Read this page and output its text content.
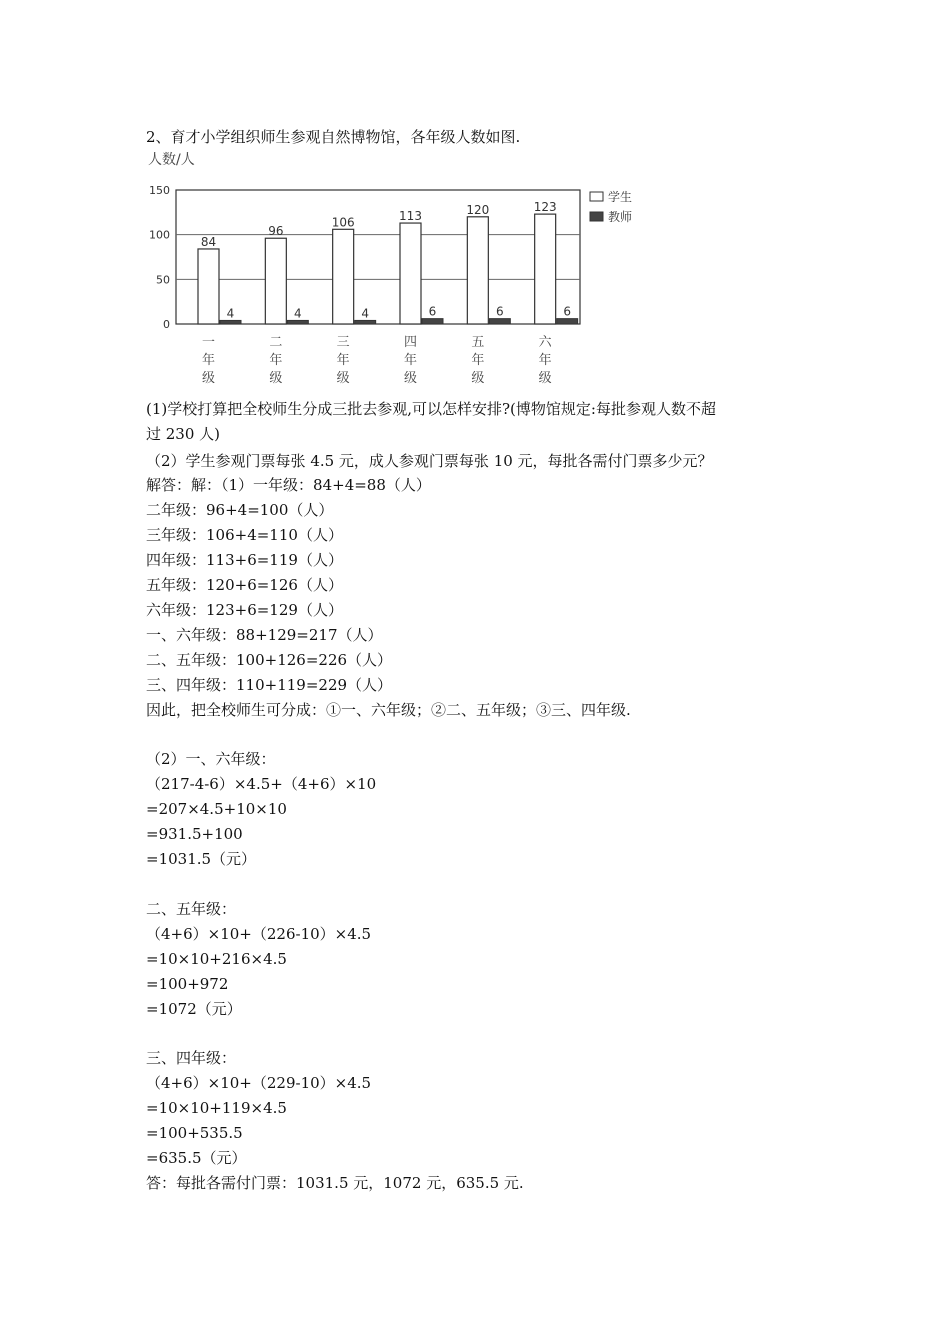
2、育才小学组织师生参观自然博物馆，各年级人数如图.
人数/人
0
50
100
150
84
4
一
年
级
96
4
二
年
级
106
4
三
年
级
113
6
四
年
级
120
6
五
年
级
123
6
六
年
级
学生
教师
(1)学校打算把全校师生分成三批去参观,可以怎样安排?(博物馆规定:每批参观人数不超
过 230 人)
（2）学生参观门票每张 4.5 元，成人参观门票每张 10 元，每批各需付门票多少元？
解答：解：（1）一年级：84+4=88（人）
二年级：96+4=100（人）
三年级：106+4=110（人）
四年级：113+6=119（人）
五年级：120+6=126（人）
六年级：123+6=129（人）
一、六年级：88+129=217（人）
二、五年级：100+126=226（人）
三、四年级：110+119=229（人）
因此，把全校师生可分成：①一、六年级；②二、五年级；③三、四年级.
（2）一、六年级：
（217-4-6）×4.5+（4+6）×10
=207×4.5+10×10
=931.5+100
=1031.5（元）
二、五年级：
（4+6）×10+（226-10）×4.5
=10×10+216×4.5
=100+972
=1072（元）
三、四年级：
（4+6）×10+（229-10）×4.5
=10×10+119×4.5
=100+535.5
=635.5（元）
答：每批各需付门票：1031.5 元，1072 元，635.5 元.
